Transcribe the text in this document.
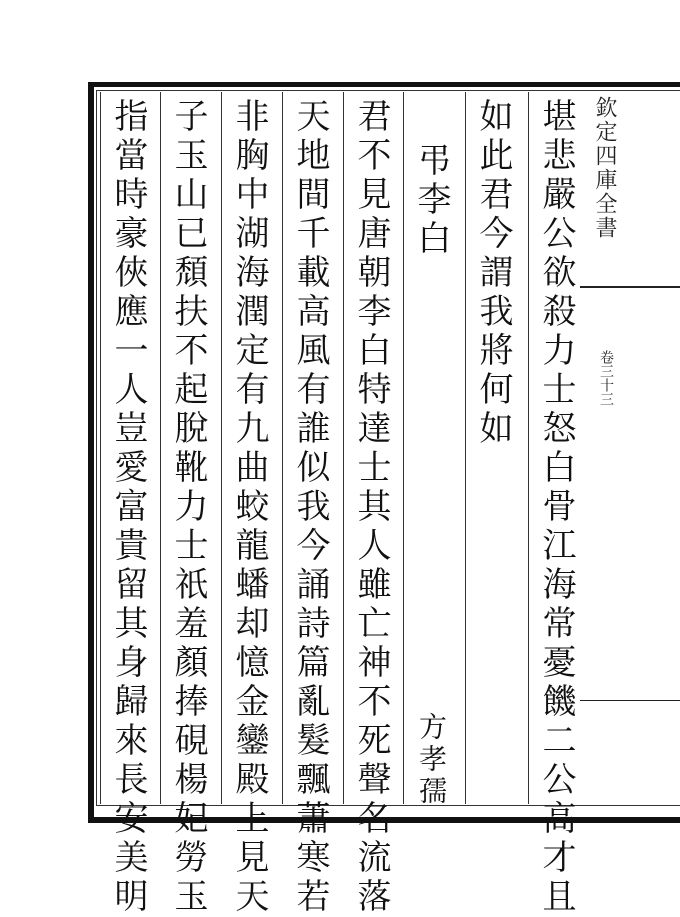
欽定四庫全書
卷三十三
堪悲嚴公欲殺力士怒白骨江海常憂饑二公高才且
如此君今謂我將何如
弔李白
方孝孺
君不見唐朝李白特達士其人雖亡神不死聲名流落
天地間千載高風有誰似我今誦詩篇亂髮飄蕭寒若
非胸中湖海潤定有九曲蛟龍蟠却憶金鑾殿上見天
子玉山已頹扶不起脫靴力士祇羞顏捧硯楊妃勞玉
指當時豪俠應一人豈愛富貴留其身歸來長安美明
